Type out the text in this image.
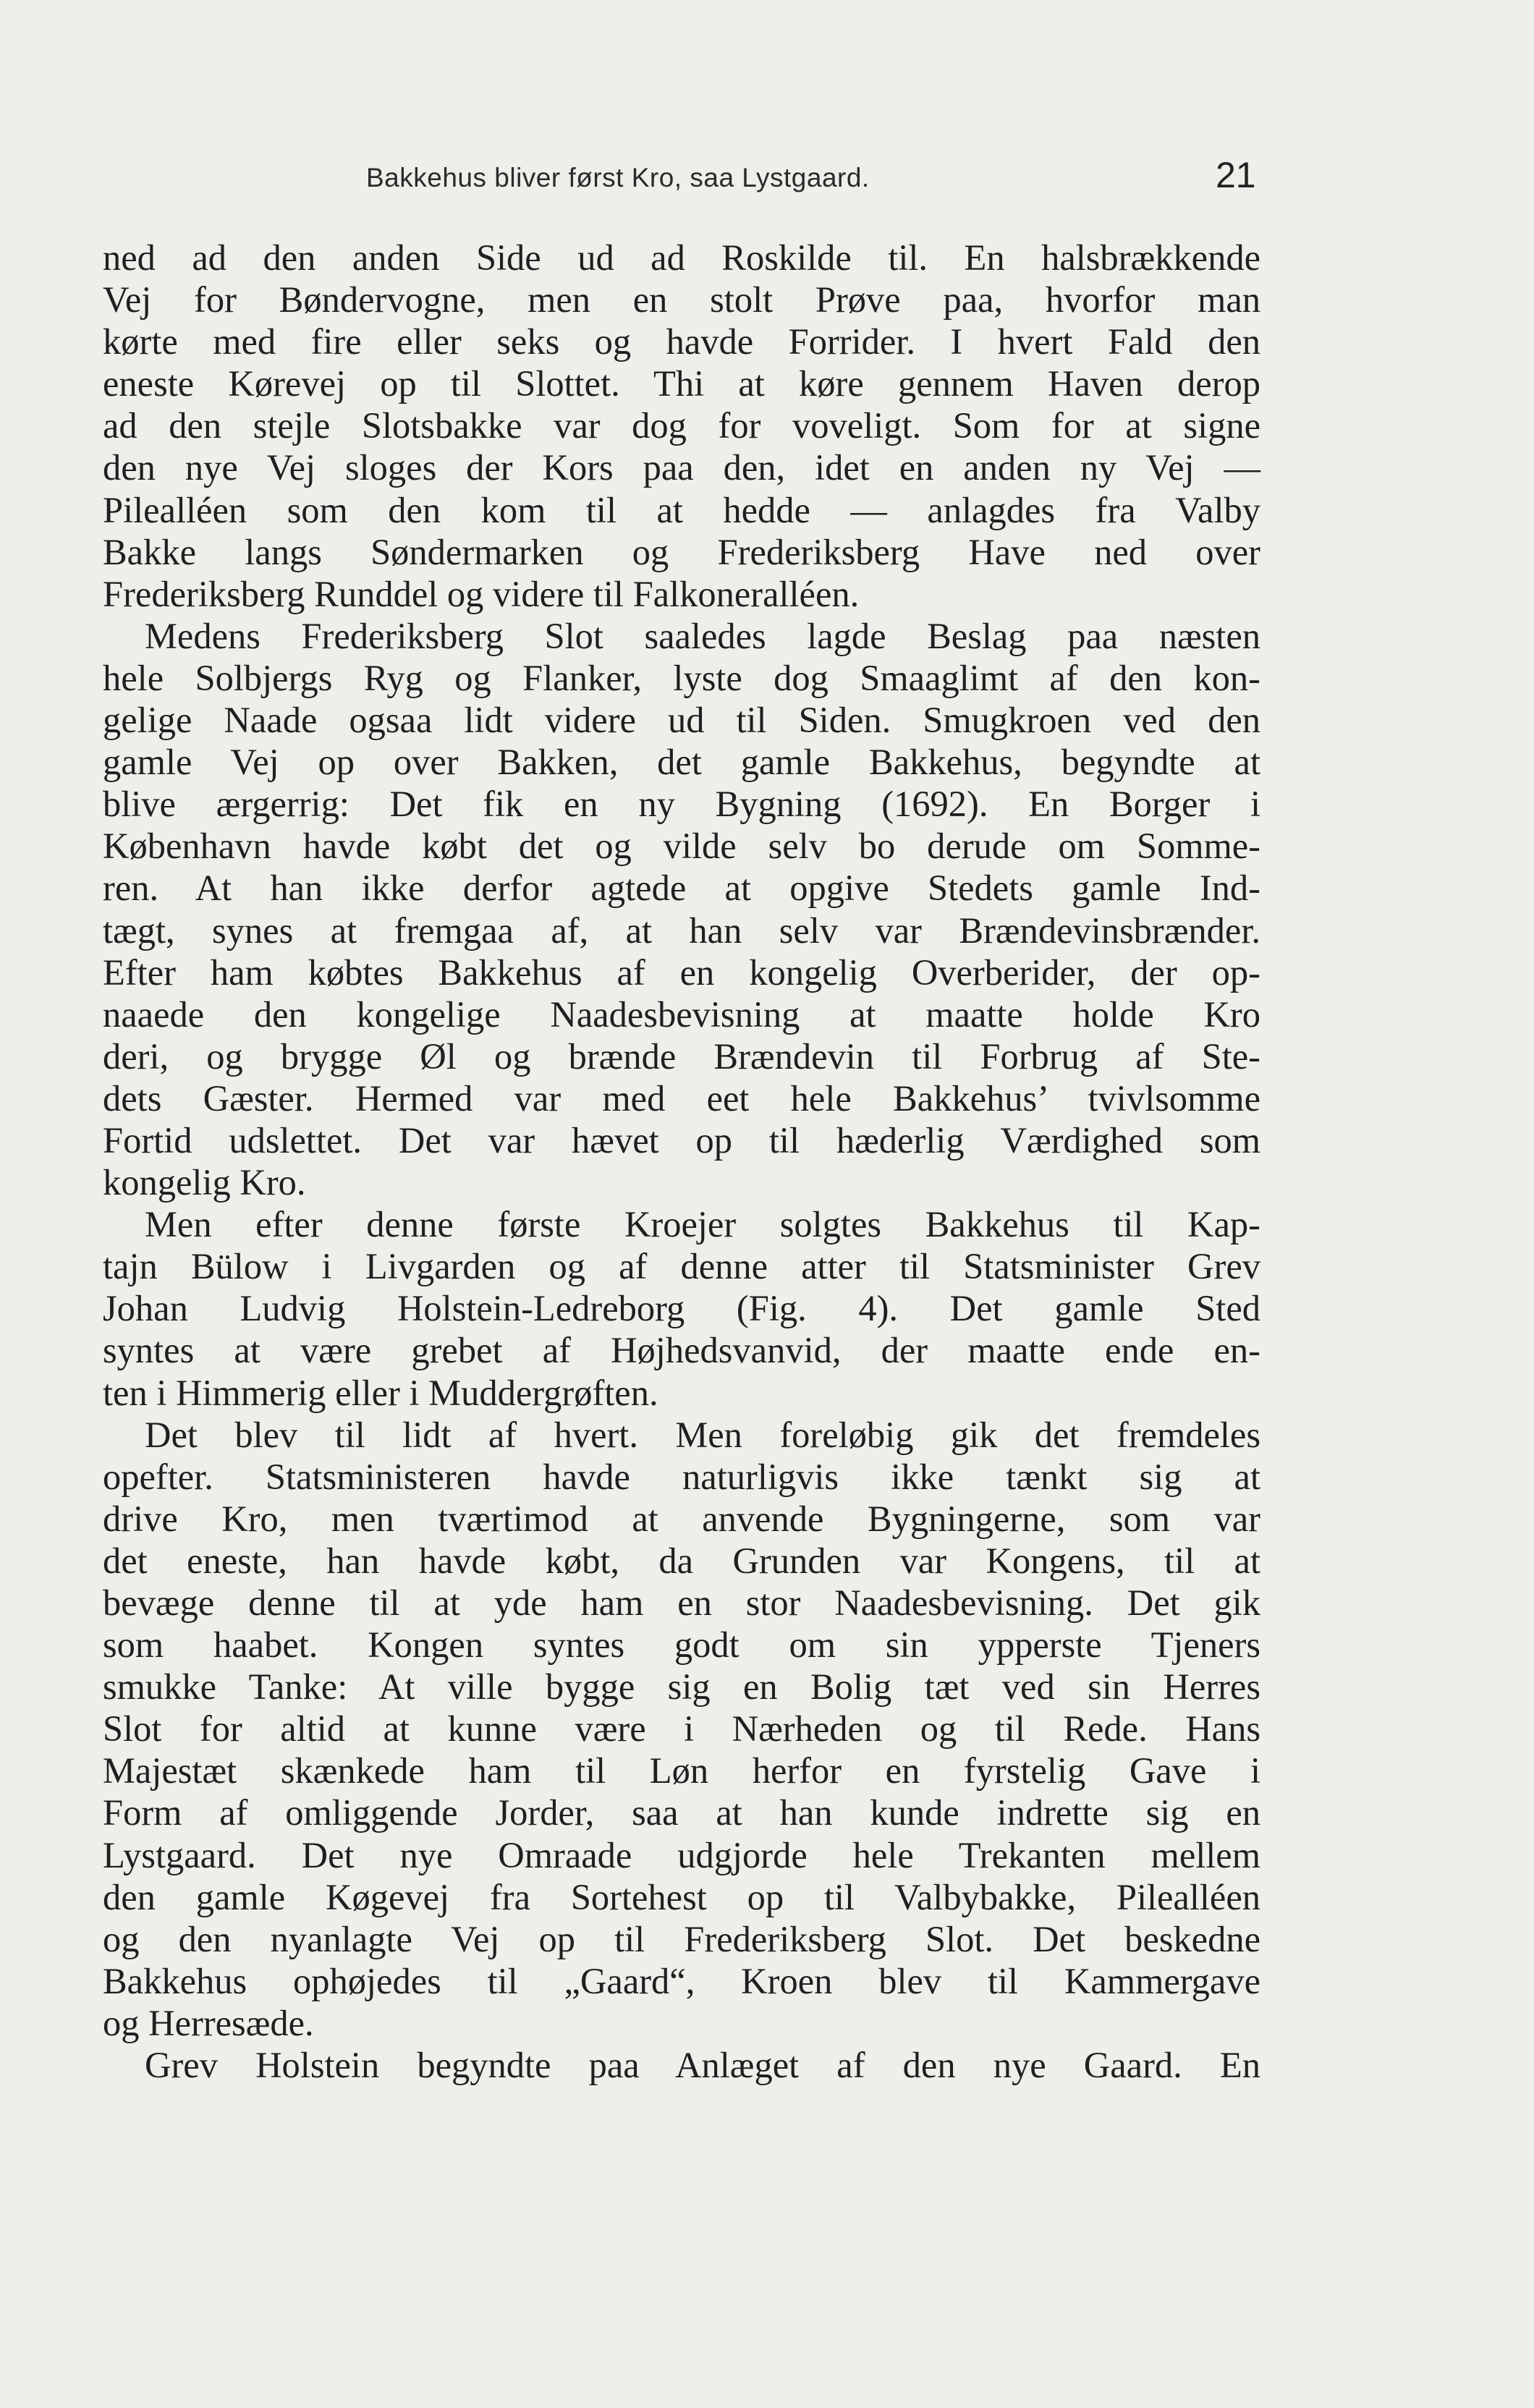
Bakkehus bliver først Kro, saa Lystgaard.	21
ned ad den anden Side ud ad Roskilde til. En halsbrækkende
Vej for Bøndervogne, men en stolt Prøve paa, hvorfor man
kørte med fire eller seks og havde Forrider. I hvert Fald den
eneste Kørevej op til Slottet. Thi at køre gennem Haven derop
ad den stejle Slotsbakke var dog for voveligt. Som for at signe
den nye Vej sloges der Kors paa den, idet en anden ny Vej —
Pilealléen som den kom til at hedde — anlagdes fra Valby
Bakke langs Søndermarken og Frederiksberg Have ned over
Frederiksberg Runddel og videre til Falkoneralléen.
Medens Frederiksberg Slot saaledes lagde Beslag paa næsten
hele Solbjergs Ryg og Flanker, lyste dog Smaaglimt af den kon-
gelige Naade ogsaa lidt videre ud til Siden. Smugkroen ved den
gamle Vej op over Bakken, det gamle Bakkehus, begyndte at
blive ærgerrig: Det fik en ny Bygning (1692). En Borger i
København havde købt det og vilde selv bo derude om Somme-
ren. At han ikke derfor agtede at opgive Stedets gamle Ind-
tægt, synes at fremgaa af, at han selv var Brændevinsbrænder.
Efter ham købtes Bakkehus af en kongelig Overberider, der op-
naaede den kongelige Naadesbevisning at maatte holde Kro
deri, og brygge Øl og brænde Brændevin til Forbrug af Ste-
dets Gæster. Hermed var med eet hele Bakkehus’ tvivlsomme
Fortid udslettet. Det var hævet op til hæderlig Værdighed som
kongelig Kro.
Men efter denne første Kroejer solgtes Bakkehus til Kap-
tajn Bülow i Livgarden og af denne atter til Statsminister Grev
Johan Ludvig Holstein-Ledreborg (Fig. 4). Det gamle Sted
syntes at være grebet af Højhedsvanvid, der maatte ende en-
ten i Himmerig eller i Muddergrøften.
Det blev til lidt af hvert. Men foreløbig gik det fremdeles
opefter. Statsministeren havde naturligvis ikke tænkt sig at
drive Kro, men tværtimod at anvende Bygningerne, som var
det eneste, han havde købt, da Grunden var Kongens, til at
bevæge denne til at yde ham en stor Naadesbevisning. Det gik
som haabet. Kongen syntes godt om sin ypperste Tjeners
smukke Tanke: At ville bygge sig en Bolig tæt ved sin Herres
Slot for altid at kunne være i Nærheden og til Rede. Hans
Majestæt skænkede ham til Løn herfor en fyrstelig Gave i
Form af omliggende Jorder, saa at han kunde indrette sig en
Lystgaard. Det nye Omraade udgjorde hele Trekanten mellem
den gamle Køgevej fra Sortehest op til Valbybakke, Pilealléen
og den nyanlagte Vej op til Frederiksberg Slot. Det beskedne
Bakkehus ophøjedes til „Gaard“, Kroen blev til Kammergave
og Herresæde.
Grev Holstein begyndte paa Anlæget af den nye Gaard. En
